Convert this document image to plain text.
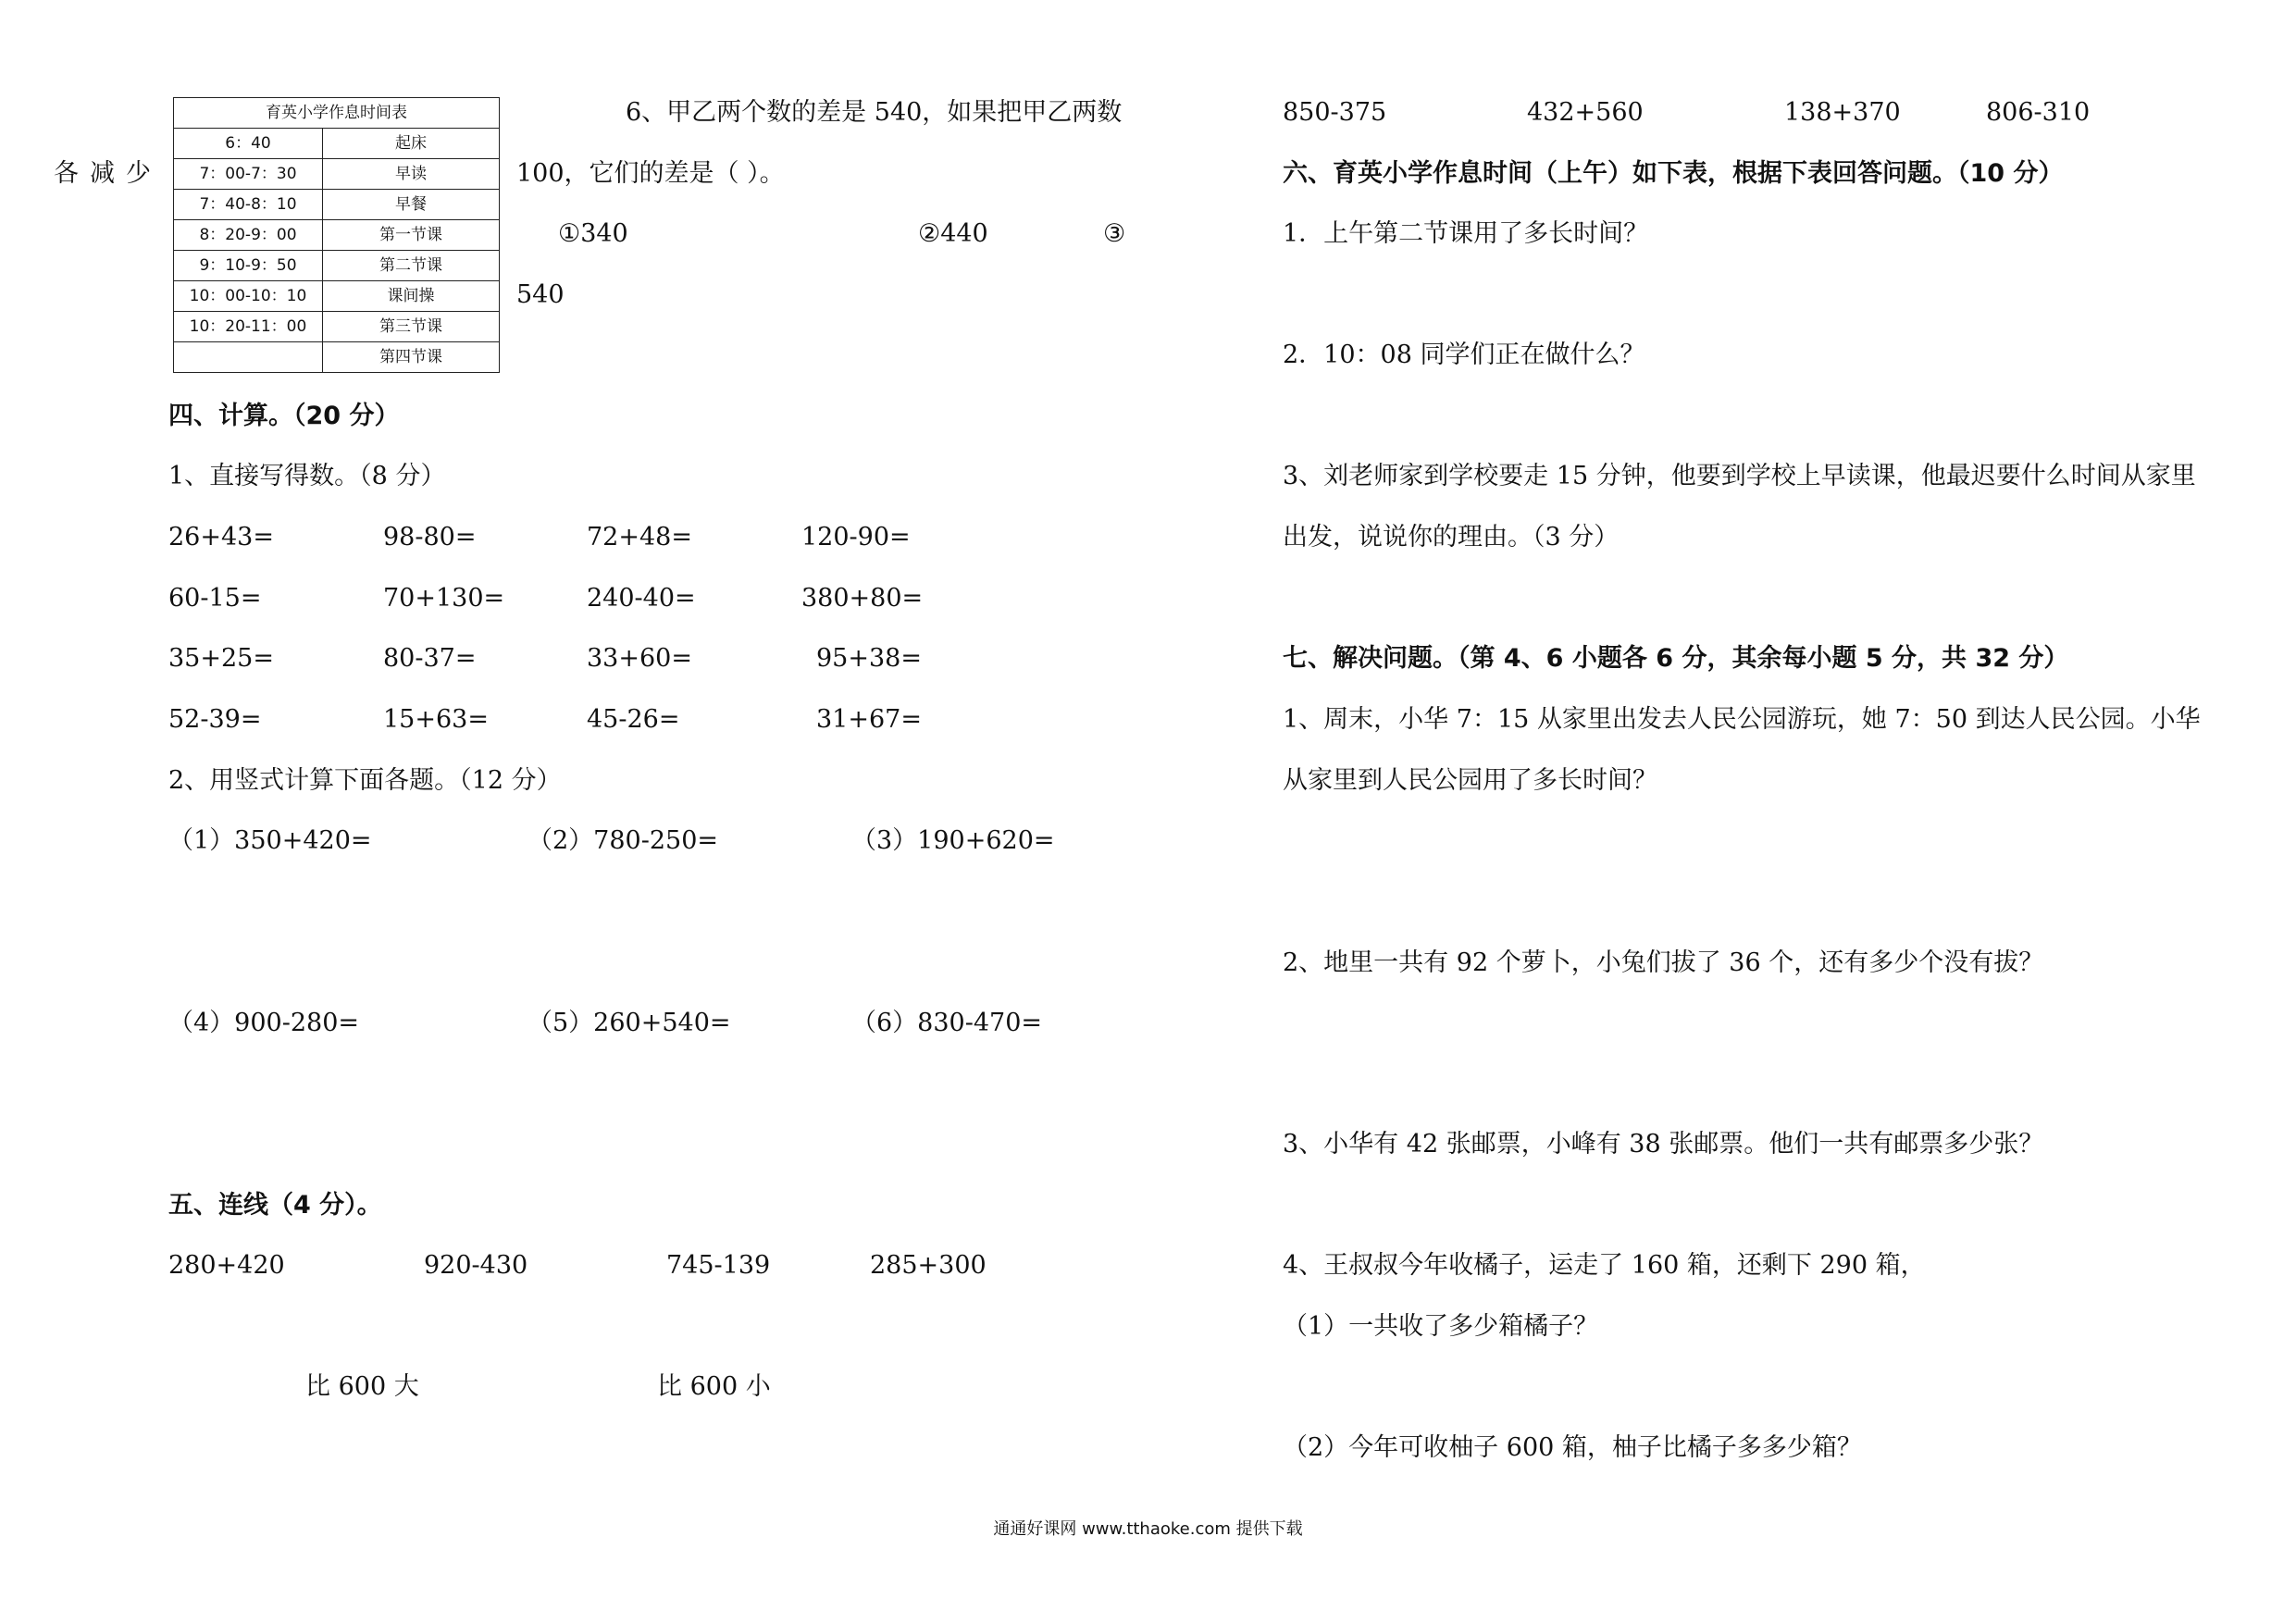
各减少
育英小学作息时间表	
6：40	起床
7：00-7：30	早读
7：40-8：10	早餐
8：20-9：00	第一节课
9：10-9：50	第二节课
10：00-10：10	课间操
10：20-11：00	第三节课
	第四节课
6、甲乙两个数的差是 540，如果把甲乙两数
100，它们的差是（ ）。
①340	②440	③
540
四、计算。（20 分）
1、直接写得数。（8 分）
26+43=	98-80=	72+48=	120-90=
60-15=	70+130=	240-40=	380+80=
35+25=	80-37=	33+60=	95+38=
52-39=	15+63=	45-26=	31+67=
2、用竖式计算下面各题。（12 分）
（1）350+420=	（2）780-250=	（3）190+620=
（4）900-280=	（5）260+540=	（6）830-470=
五、连线（4 分）。
280+420	920-430	745-139	285+300
比 600 大	比 600 小
850-375	432+560	138+370	806-310
六、育英小学作息时间（上午）如下表，根据下表回答问题。（10 分）
1．上午第二节课用了多长时间？
2．10：08 同学们正在做什么？
3、刘老师家到学校要走 15 分钟，他要到学校上早读课，他最迟要什么时间从家里
出发，说说你的理由。（3 分）
七、解决问题。（第 4、6 小题各 6 分，其余每小题 5 分，共 32 分）
1、周末，小华 7：15 从家里出发去人民公园游玩，她 7：50 到达人民公园。小华
从家里到人民公园用了多长时间？
2、地里一共有 92 个萝卜，小兔们拔了 36 个，还有多少个没有拔？
3、小华有 42 张邮票，小峰有 38 张邮票。他们一共有邮票多少张？
4、王叔叔今年收橘子，运走了 160 箱，还剩下 290 箱，
（1）一共收了多少箱橘子？
（2）今年可收柚子 600 箱，柚子比橘子多多少箱？
通通好课网 www.tthaoke.com 提供下载
